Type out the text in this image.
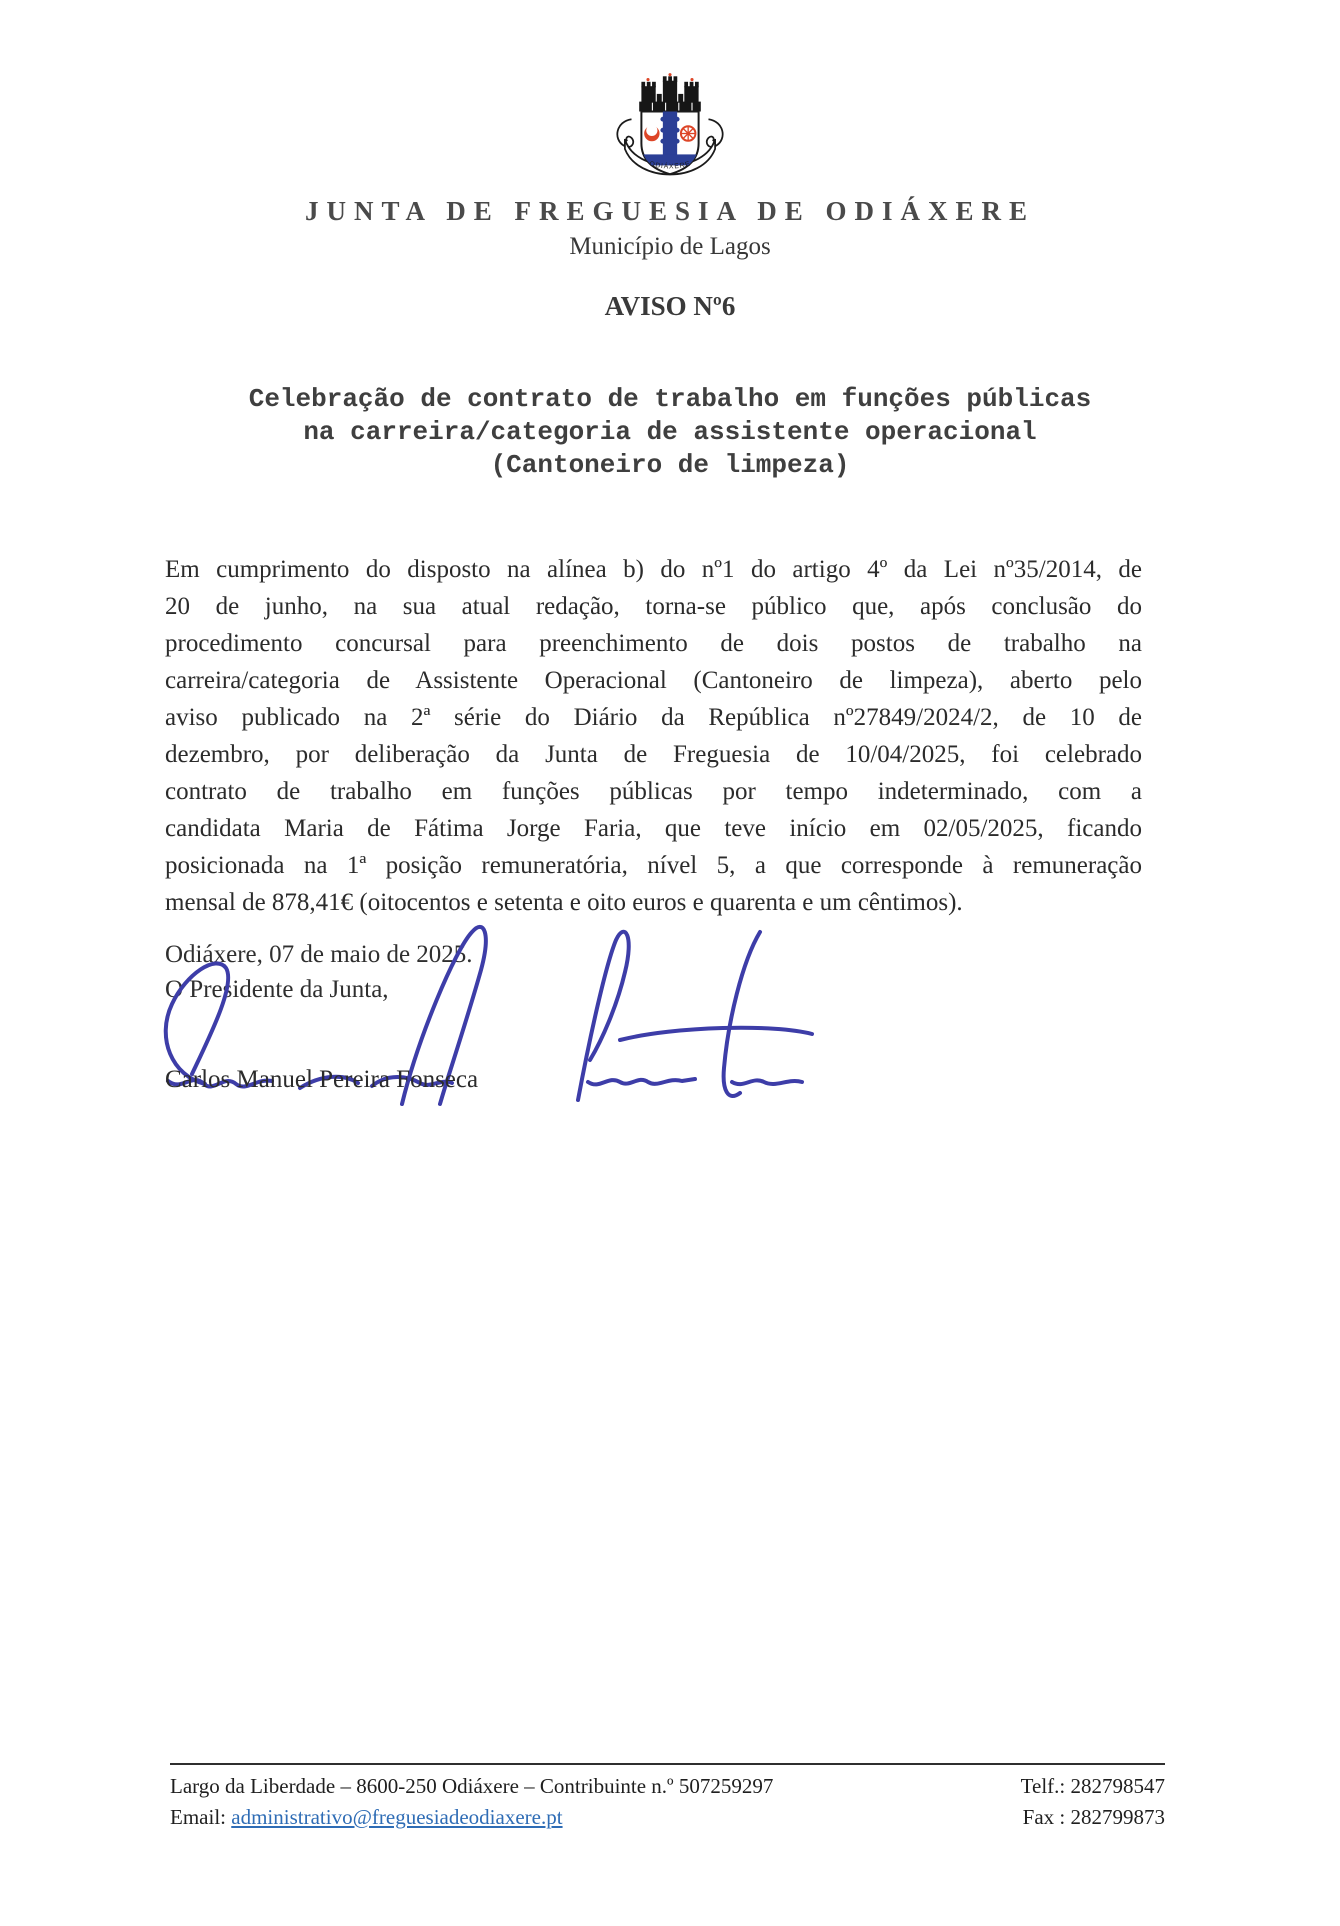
ODIÁXERE
JUNTA DE FREGUESIA DE ODIÁXERE
Município de Lagos
AVISO Nº6
Celebração de contrato de trabalho em funções públicas
na carreira/categoria de assistente operacional
(Cantoneiro de limpeza)
Em cumprimento do disposto na alínea b) do nº1 do artigo 4º da Lei nº35/2014, de
20 de junho, na sua atual redação, torna-se público que, após conclusão do
procedimento concursal para preenchimento de dois postos de trabalho na
carreira/categoria de Assistente Operacional (Cantoneiro de limpeza), aberto pelo
aviso publicado na 2ª série do Diário da República nº27849/2024/2, de 10 de
dezembro, por deliberação da Junta de Freguesia de 10/04/2025, foi celebrado
contrato de trabalho em funções públicas por tempo indeterminado, com a
candidata Maria de Fátima Jorge Faria, que teve início em 02/05/2025, ficando
posicionada na 1ª posição remuneratória, nível 5, a que corresponde à remuneração
mensal de 878,41€ (oitocentos e setenta e oito euros e quarenta e um cêntimos).
Odiáxere, 07 de maio de 2025.
O Presidente da Junta,
Carlos Manuel Pereira Fonseca
Largo da Liberdade – 8600-250 Odiáxere – Contribuinte n.º 507259297
Email: administrativo@freguesiadeodiaxere.pt
Telf.: 282798547
Fax : 282799873
